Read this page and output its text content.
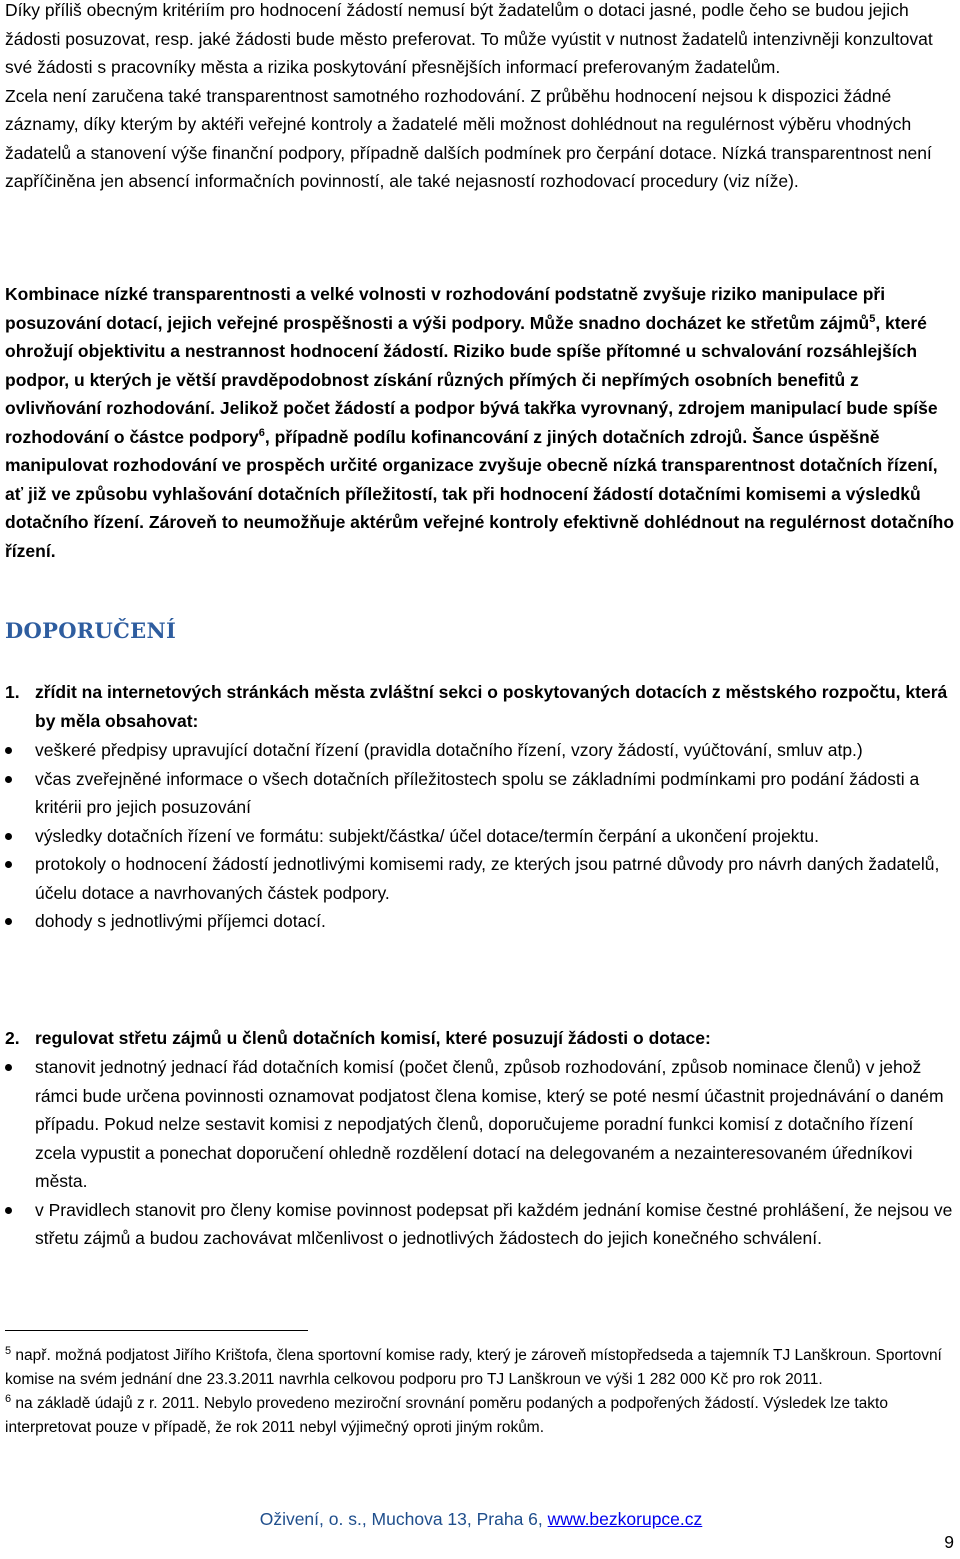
Díky příliš obecným kritériím pro hodnocení žádostí nemusí být žadatelům o dotaci jasné, podle čeho se budou jejich žádosti posuzovat, resp. jaké žádosti bude město preferovat. To může vyústit v nutnost žadatelů intenzivněji konzultovat své žádosti s pracovníky města a rizika poskytování přesnějších informací preferovaným žadatelům.
Zcela není zaručena také transparentnost samotného rozhodování. Z průběhu hodnocení nejsou k dispozici žádné záznamy, díky kterým by aktéři veřejné kontroly a žadatelé měli možnost dohlédnout na regulérnost výběru vhodných žadatelů a stanovení výše finanční podpory, případně dalších podmínek pro čerpání dotace. Nízká transparentnost není zapříčiněna jen absencí informačních povinností, ale také nejasností rozhodovací procedury (viz níže).

Kombinace nízké transparentnosti a velké volnosti v rozhodování podstatně zvyšuje riziko manipulace při posuzování dotací, jejich veřejné prospěšnosti a výši podpory. Může snadno docházet ke střetům zájmů$^5$, které ohrožují objektivitu a nestrannost hodnocení žádostí. Riziko bude spíše přítomné u schvalování rozsáhlejších podpor, u kterých je větší pravděpodobnost získání různých přímých či nepřímých osobních benefitů z ovlivňování rozhodování. Jelikož počet žádostí a podpor bývá takřka vyrovnaný, zdrojem manipulací bude spíše rozhodování o částce podpory$^6$, případně podílu kofinancování z jiných dotačních zdrojů. Šance úspěšně manipulovat rozhodování ve prospěch určité organizace zvyšuje obecně nízká transparentnost dotačních řízení, ať již ve způsobu vyhlašování dotačních příležitostí, tak při hodnocení žádostí dotačními komisemi a výsledků dotačního řízení. Zároveň to neumožňuje aktérům veřejné kontroly efektivně dohlédnout na regulérnost dotačního řízení.

DOPORUČENÍ
1. zřídit na internetových stránkách města zvláštní sekci o poskytovaných dotacích z městského rozpočtu, která by měla obsahovat:
veškeré předpisy upravující dotační řízení (pravidla dotačního řízení, vzory žádostí, vyúčtování, smluv atp.)
včas zveřejněné informace o všech dotačních příležitostech spolu se základními podmínkami pro podání žádosti a kritérii pro jejich posuzování
výsledky dotačních řízení ve formátu: subjekt/částka/ účel dotace/termín čerpání a ukončení projektu.
protokoly o hodnocení žádostí jednotlivými komisemi rady, ze kterých jsou patrné důvody pro návrh daných žadatelů, účelu dotace a navrhovaných částek podpory.
dohody s jednotlivými příjemci dotací.
2. regulovat střetu zájmů u členů dotačních komisí, které posuzují žádosti o dotace:
stanovit jednotný jednací řád dotačních komisí (počet členů, způsob rozhodování, způsob nominace členů) v jehož rámci bude určena povinnosti oznamovat podjatost člena komise, který se poté nesmí účastnit projednávání o daném případu. Pokud nelze sestavit komisi z nepodjatých členů, doporučujeme poradní funkci komisí z dotačního řízení zcela vypustit a ponechat doporučení ohledně rozdělení dotací na delegovaném a nezainteresovaném úředníkovi města.
v Pravidlech stanovit pro členy komise povinnost podepsat při každém jednání komise čestné prohlášení, že nejsou ve střetu zájmů a budou zachovávat mlčenlivost o jednotlivých žádostech do jejich konečného schválení.

$^5$ např. možná podjatost Jiřího Krištofa, člena sportovní komise rady, který je zároveň místopředseda a tajemník TJ Lanškroun. Sportovní komise na svém jednání dne 23.3.2011 navrhla celkovou podporu pro TJ Lanškroun ve výši 1 282 000 Kč pro rok 2011.

$^6$ na základě údajů z r. 2011. Nebylo provedeno meziroční srovnání poměru podaných a podpořených žádostí. Výsledek lze takto interpretovat pouze v případě, že rok 2011 nebyl výjimečný oproti jiným rokům.

Oživení, o. s., Muchova 13, Praha 6, www.bezkorupce.cz
9
